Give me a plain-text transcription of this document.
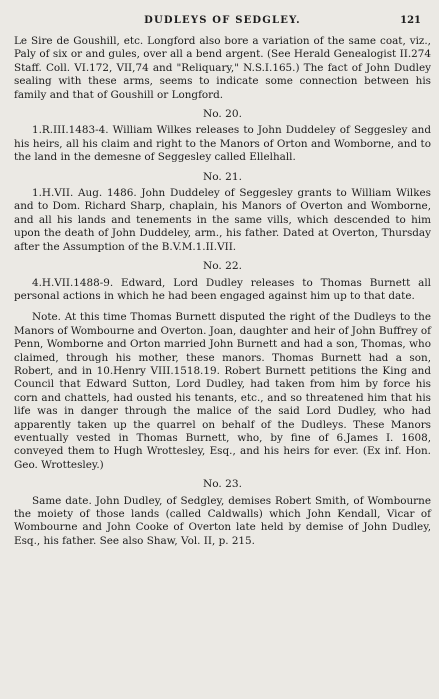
DUDLEYS OF SEDGLEY.	121

Le Sire de Goushill, etc. Longford also bore a variation of the same coat, viz., Paly of six or and gules, over all a bend argent. (See Herald Genealogist II.274 Staff. Coll. VI.172, VII,74 and "Reliquary," N.S.I.165.) The fact of John Dudley sealing with these arms, seems to indicate some connection between his family and that of Goushill or Longford.

No. 20.

1.R.III.1483-4. William Wilkes releases to John Duddeley of Seggesley and his heirs, all his claim and right to the Manors of Orton and Womborne, and to the land in the demesne of Seggesley called Ellelhall.

No. 21.

1.H.VII. Aug. 1486. John Duddeley of Seggesley grants to William Wilkes and to Dom. Richard Sharp, chaplain, his Manors of Overton and Womborne, and all his lands and tenements in the same vills, which descended to him upon the death of John Duddeley, arm., his father. Dated at Overton, Thursday after the Assumption of the B.V.M.1.II.VII.

No. 22.

4.H.VII.1488-9. Edward, Lord Dudley releases to Thomas Burnett all personal actions in which he had been engaged against him up to that date.

Note. At this time Thomas Burnett disputed the right of the Dudleys to the Manors of Wombourne and Overton. Joan, daughter and heir of John Buffrey of Penn, Womborne and Orton married John Burnett and had a son, Thomas, who claimed, through his mother, these manors. Thomas Burnett had a son, Robert, and in 10.Henry VIII.1518.19. Robert Burnett petitions the King and Council that Edward Sutton, Lord Dudley, had taken from him by force his corn and chattels, had ousted his tenants, etc., and so threatened him that his life was in danger through the malice of the said Lord Dudley, who had apparently taken up the quarrel on behalf of the Dudleys. These Manors eventually vested in Thomas Burnett, who, by fine of 6.James I. 1608, conveyed them to Hugh Wrottesley, Esq., and his heirs for ever. (Ex inf. Hon. Geo. Wrottesley.)

No. 23.

Same date. John Dudley, of Sedgley, demises Robert Smith, of Wombourne the moiety of those lands (called Caldwalls) which John Kendall, Vicar of Wombourne and John Cooke of Overton late held by demise of John Dudley, Esq., his father. See also Shaw, Vol. II, p. 215.
